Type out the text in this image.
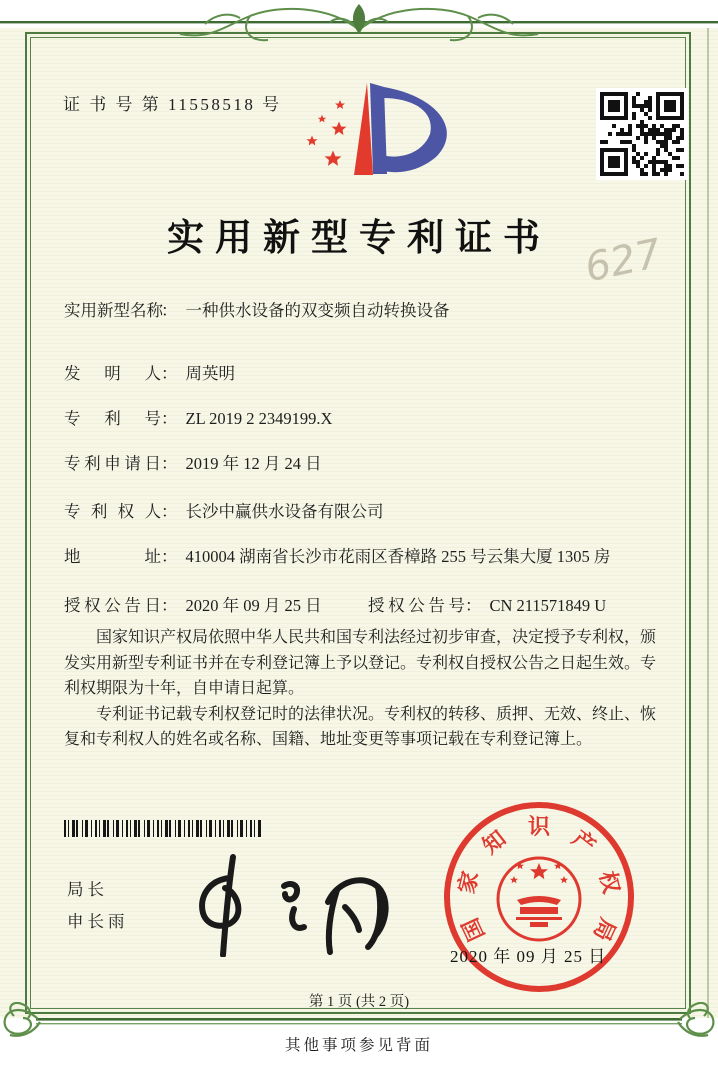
证 书 号 第 11558518 号
实用新型专利证书 627
实用新型名称： 一种供水设备的双变频自动转换设备
发明人： 周英明
专利号： ZL 2019 2 2349199.X
专利申请日： 2019 年 12 月 24 日
专利权人： 长沙中赢供水设备有限公司
地址： 410004 湖南省长沙市花雨区香樟路 255 号云集大厦 1305 房
授权公告日： 2020 年 09 月 25 日	授权公告号： CN 211571849 U

国家知识产权局依照中华人民共和国专利法经过初步审查，决定授予专利权，颁发实用新型专利证书并在专利登记簿上予以登记。专利权自授权公告之日起生效。专利权期限为十年，自申请日起算。

专利证书记载专利权登记时的法律状况。专利权的转移、质押、无效、终止、恢复和专利权人的姓名或名称、国籍、地址变更等事项记载在专利登记簿上。

局长
申长雨	国
家
知 识 产
权
局
2020 年 09 月 25 日
第 1 页 (共 2 页)
其他事项参见背面
